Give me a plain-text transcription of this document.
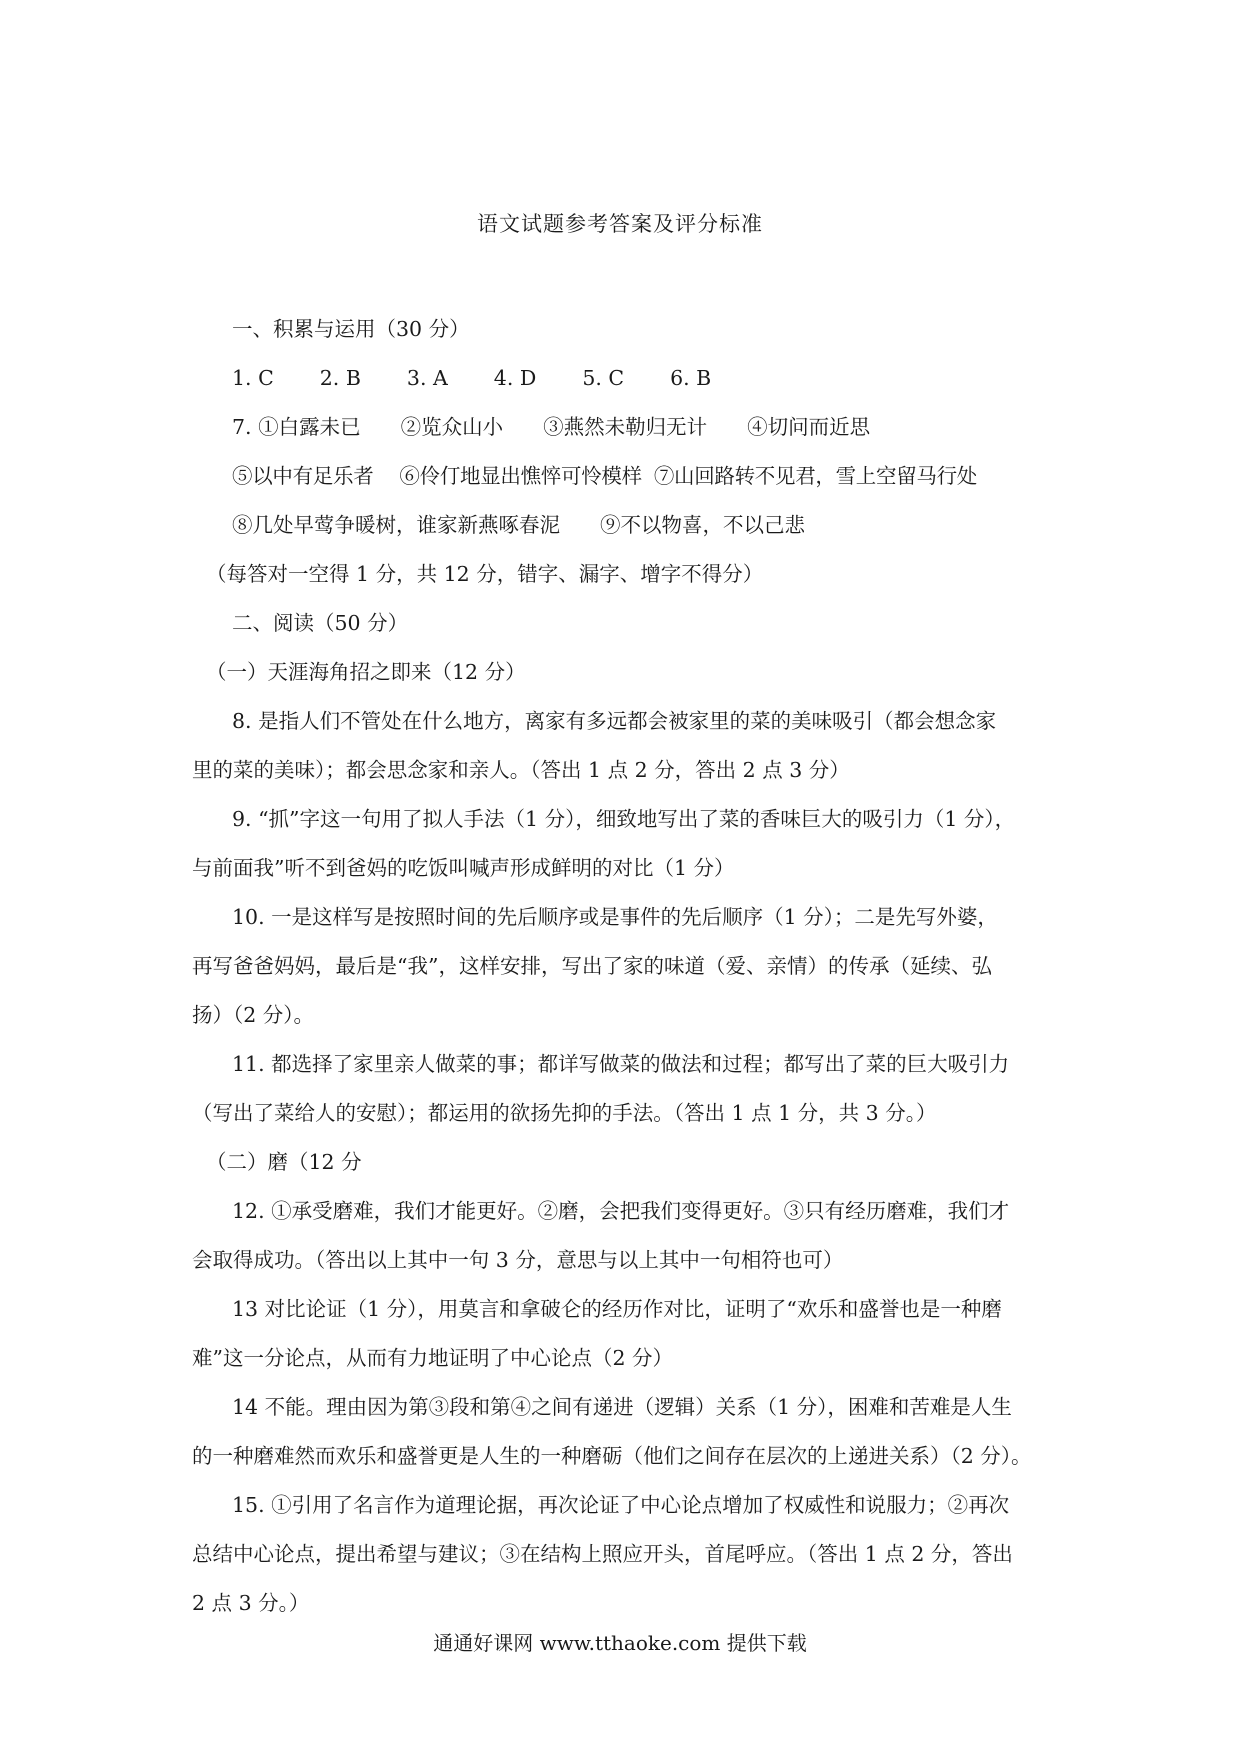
语文试题参考答案及评分标准

一、积累与运用（30 分）

1. C 2. B 3. A 4. D 5. C 6. B

7. ①白露未已 ②览众山小 ③燕然未勒归无计 ④切问而近思

⑤以中有足乐者 ⑥伶仃地显出憔悴可怜模样 ⑦山回路转不见君，雪上空留马行处

⑧几处早莺争暖树，谁家新燕啄春泥 ⑨不以物喜，不以己悲

（每答对一空得 1 分，共 12 分，错字、漏字、增字不得分）

二、阅读（50 分）

（一）天涯海角招之即来（12 分）

8. 是指人们不管处在什么地方，离家有多远都会被家里的菜的美味吸引（都会想念家

里的菜的美味）；都会思念家和亲人。（答出 1 点 2 分，答出 2 点 3 分）

9. “抓”字这一句用了拟人手法（1 分），细致地写出了菜的香味巨大的吸引力（1 分），

与前面我”听不到爸妈的吃饭叫喊声形成鲜明的对比（1 分）

10. 一是这样写是按照时间的先后顺序或是事件的先后顺序（1 分）；二是先写外婆，

再写爸爸妈妈，最后是“我”，这样安排，写出了家的味道（爱、亲情）的传承（延续、弘

扬）（2 分）。

11. 都选择了家里亲人做菜的事；都详写做菜的做法和过程；都写出了菜的巨大吸引力

（写出了菜给人的安慰）；都运用的欲扬先抑的手法。（答出 1 点 1 分，共 3 分。）

（二）磨（12 分

12. ①承受磨难，我们才能更好。②磨，会把我们变得更好。③只有经历磨难，我们才

会取得成功。（答出以上其中一句 3 分，意思与以上其中一句相符也可）

13 对比论证（1 分），用莫言和拿破仑的经历作对比，证明了“欢乐和盛誉也是一种磨

难”这一分论点，从而有力地证明了中心论点（2 分）

14 不能。理由因为第③段和第④之间有递进（逻辑）关系（1 分），困难和苦难是人生

的一种磨难然而欢乐和盛誉更是人生的一种磨砺（他们之间存在层次的上递进关系）（2 分）。

15. ①引用了名言作为道理论据，再次论证了中心论点增加了权威性和说服力；②再次

总结中心论点，提出希望与建议；③在结构上照应开头，首尾呼应。（答出 1 点 2 分，答出

2 点 3 分。）

通通好课网 www.tthaoke.com 提供下载
